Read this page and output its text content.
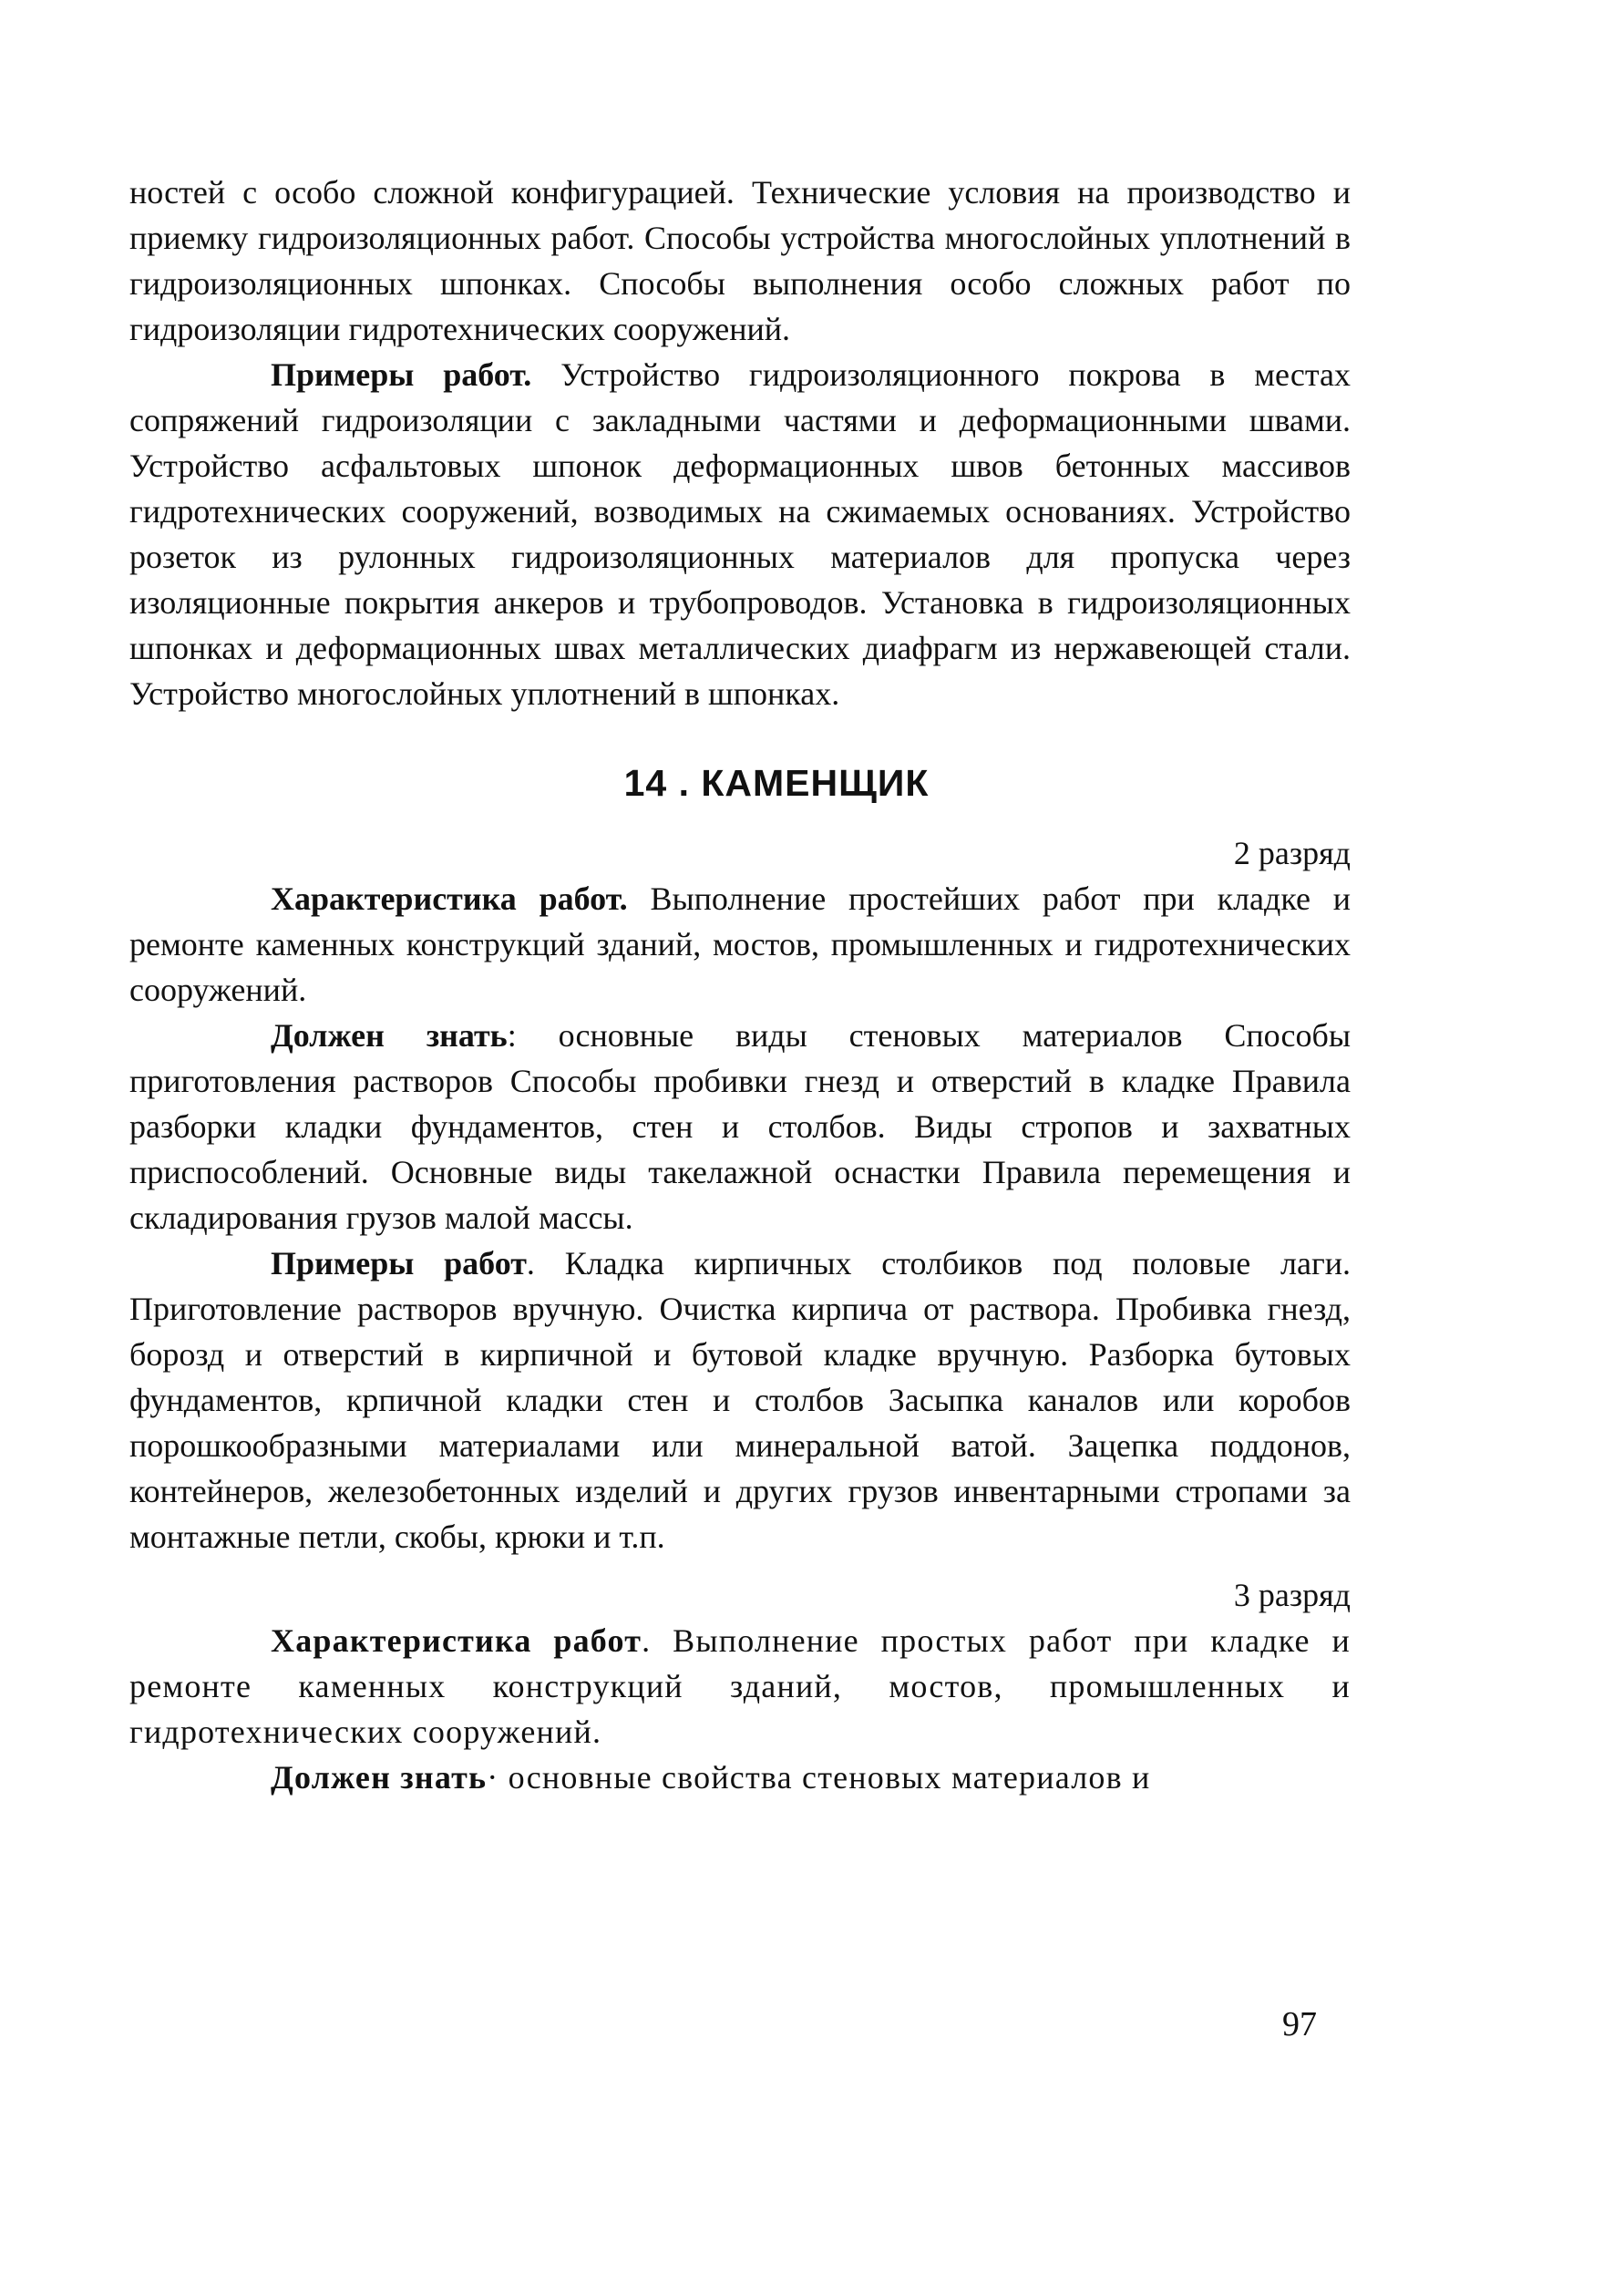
ностей с особо сложной конфигурацией. Технические условия на производство и приемку гидроизоляционных работ. Способы устройства многослойных уплотнений в гидроизоляционных шпонках. Способы выполнения особо сложных работ по гидроизоляции гидротехнических сооружений.

Примеры работ. Устройство гидроизоляционного покрова в местах сопряжений гидроизоляции с закладными частями и деформационными швами. Устройство асфальтовых шпонок деформационных швов бетонных массивов гидротехнических сооружений, возводимых на сжимаемых основаниях. Устройство розеток из рулонных гидроизоляционных материалов для пропуска через изоляционные покрытия анкеров и трубопроводов. Установка в гидроизоляционных шпонках и деформационных швах металлических диафрагм из нержавеющей стали. Устройство многослойных уплотнений в шпонках.

14 . КАМЕНЩИК
2 разряд

Характеристика работ. Выполнение простейших работ при кладке и ремонте каменных конструкций зданий, мостов, промышленных и гидротехнических сооружений.

Должен знать: основные виды стеновых материалов Способы приготовления растворов Способы пробивки гнезд и отверстий в кладке Правила разборки кладки фундаментов, стен и столбов. Виды стропов и захватных приспособлений. Основные виды такелажной оснастки Правила перемещения и складирования грузов малой массы.

Примеры работ. Кладка кирпичных столбиков под половые лаги. Приготовление растворов вручную. Очистка кирпича от раствора. Пробивка гнезд, борозд и отверстий в кирпичной и бутовой кладке вручную. Разборка бутовых фундаментов, крпичной кладки стен и столбов Засыпка каналов или коробов порошкообразными материалами или минеральной ватой. Зацепка поддонов, контейнеров, железобетонных изделий и других грузов инвентарными стропами за монтажные петли, скобы, крюки и т.п.

3 разряд

Характеристика работ. Выполнение простых работ при кладке и ремонте каменных конструкций зданий, мостов, промышленных и гидротехнических сооружений.

Должен знать· основные свойства стеновых материалов и

97
